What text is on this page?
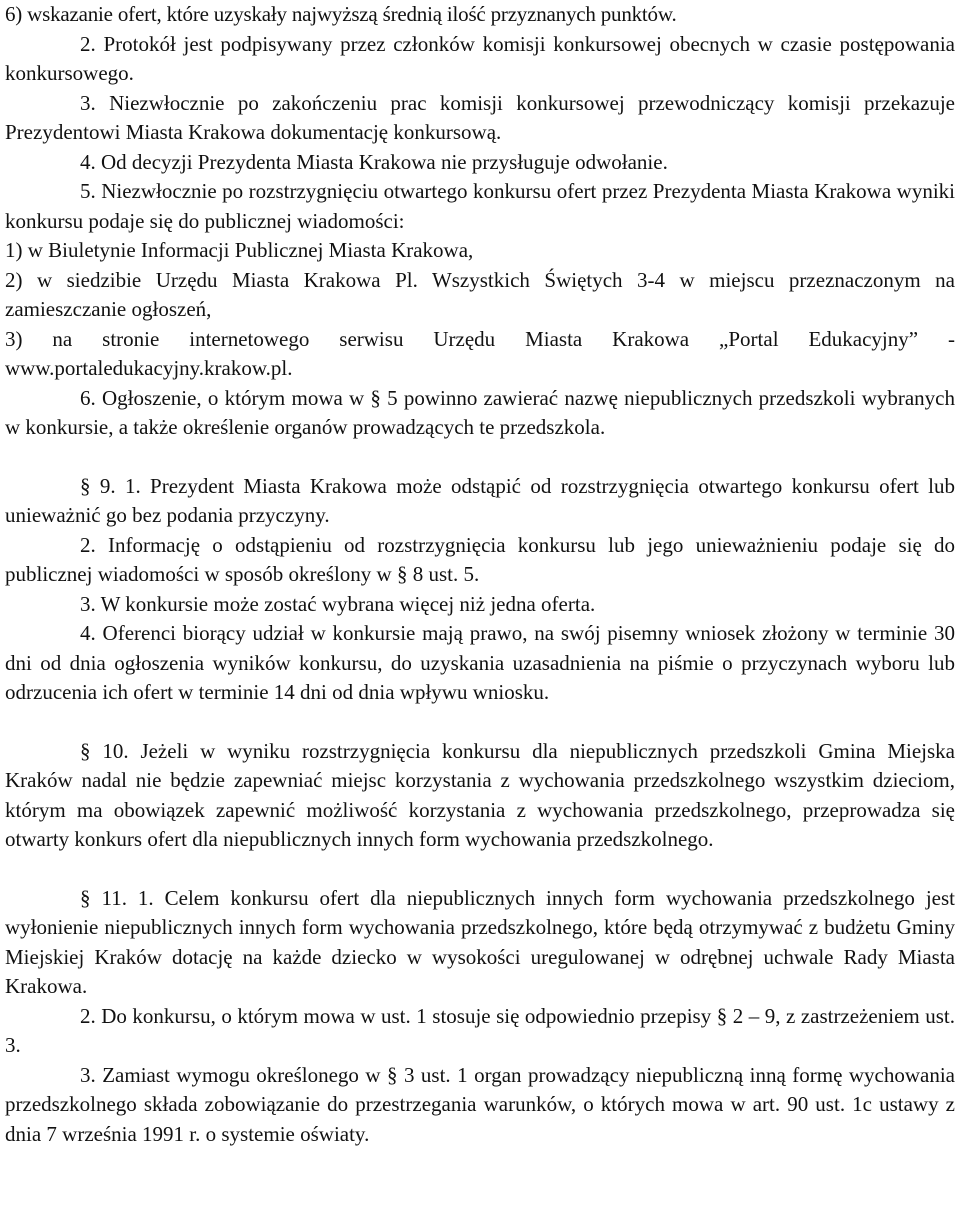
6) wskazanie ofert, które uzyskały najwyższą średnią ilość przyznanych punktów.

2. Protokół jest podpisywany przez członków komisji konkursowej obecnych w czasie postępowania konkursowego.

3. Niezwłocznie po zakończeniu prac komisji konkursowej przewodniczący komisji przekazuje Prezydentowi Miasta Krakowa dokumentację konkursową.

4. Od decyzji Prezydenta Miasta Krakowa nie przysługuje odwołanie.

5. Niezwłocznie po rozstrzygnięciu otwartego konkursu ofert przez Prezydenta Miasta Krakowa wyniki konkursu podaje się do publicznej wiadomości:

1) w Biuletynie Informacji Publicznej Miasta Krakowa,

2) w siedzibie Urzędu Miasta Krakowa Pl. Wszystkich Świętych 3-4 w miejscu przeznaczonym na zamieszczanie ogłoszeń,

3) na stronie internetowego serwisu Urzędu Miasta Krakowa „Portal Edukacyjny” - www.portaledukacyjny.krakow.pl.

6. Ogłoszenie, o którym mowa w § 5 powinno zawierać nazwę niepublicznych przedszkoli wybranych w konkursie, a także określenie organów prowadzących te przedszkola.

§ 9. 1. Prezydent Miasta Krakowa może odstąpić od rozstrzygnięcia otwartego konkursu ofert lub unieważnić go bez podania przyczyny.

2. Informację o odstąpieniu od rozstrzygnięcia konkursu lub jego unieważnieniu podaje się do publicznej wiadomości w sposób określony w § 8 ust. 5.

3. W konkursie może zostać wybrana więcej niż jedna oferta.

4. Oferenci biorący udział w konkursie mają prawo, na swój pisemny wniosek złożony w terminie 30 dni od dnia ogłoszenia wyników konkursu, do uzyskania uzasadnienia na piśmie o przyczynach wyboru lub odrzucenia ich ofert w terminie 14 dni od dnia wpływu wniosku.

§ 10. Jeżeli w wyniku rozstrzygnięcia konkursu dla niepublicznych przedszkoli Gmina Miejska Kraków nadal nie będzie zapewniać miejsc korzystania z wychowania przedszkolnego wszystkim dzieciom, którym ma obowiązek zapewnić możliwość korzystania z wychowania przedszkolnego, przeprowadza się otwarty konkurs ofert dla niepublicznych innych form wychowania przedszkolnego.

§ 11. 1. Celem konkursu ofert dla niepublicznych innych form wychowania przedszkolnego jest wyłonienie niepublicznych innych form wychowania przedszkolnego, które będą otrzymywać z budżetu Gminy Miejskiej Kraków dotację na każde dziecko w wysokości uregulowanej w odrębnej uchwale Rady Miasta Krakowa.

2. Do konkursu, o którym mowa w ust. 1 stosuje się odpowiednio przepisy § 2 – 9, z zastrzeżeniem ust. 3.

3. Zamiast wymogu określonego w § 3 ust. 1 organ prowadzący niepubliczną inną formę wychowania przedszkolnego składa zobowiązanie do przestrzegania warunków, o których mowa w art. 90 ust. 1c ustawy z dnia 7 września 1991 r. o systemie oświaty.
